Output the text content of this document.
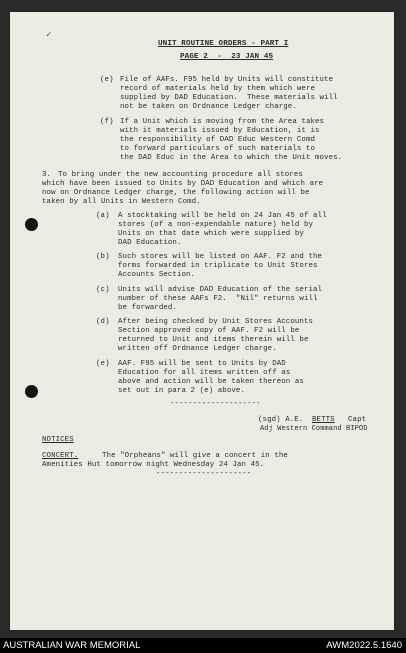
✓
UNIT ROUTINE ORDERS - PART I
PAGE 2  -  23 JAN 45
(e) File of AAFs. F95 held by Units will constitute
record of materials held by them which were
supplied by DAD Education.  These materials will
not be taken on Ordnance Ledger charge.
(f) If a Unit which is moving from the Area takes
with it materials issued by Education, it is
the responsibility of DAD Educ Western Comd
to forward particulars of such materials to
the DAD Educ in the Area to which the Unit moves.
3. To bring under the new accounting procedure all stores
which have been issued to Units by DAD Education and which are
now on Ordnance Ledger charge, the following action will be
taken by all Units in Western Comd.
(a) A stocktaking will be held on 24 Jan 45 of all
stores (of a non-expendable nature) held by
Units on that date which were supplied by
DAD Education.
(b) Such stores will be listed on AAF. F2 and the
forms forwarded in triplicate to Unit Stores
Accounts Section.
(c) Units will advise DAD Education of the serial
number of these AAFs F2.  "Nil" returns will
be forwarded.
(d) After being checked by Unit Stores Accounts
Section approved copy of AAF. F2 will be
returned to Unit and items therein will be
written off Ordnance Ledger charge.
(e) AAF. F95 will be sent to Units by DAD
Education for all items written off as
above and action will be taken thereon as
set out in para 2 (e) above.
--------------------
(sgd) A.E. BETTS Capt
Adj Western Command BIPOD
NOTICES
CONCERT.	The "Orpheans" will give a concert in the
Amenities Hut tomorrow night Wednesday 24 Jan 45.
---------------------
AUSTRALIAN WAR MEMORIAL	AWM2022.5.1640
